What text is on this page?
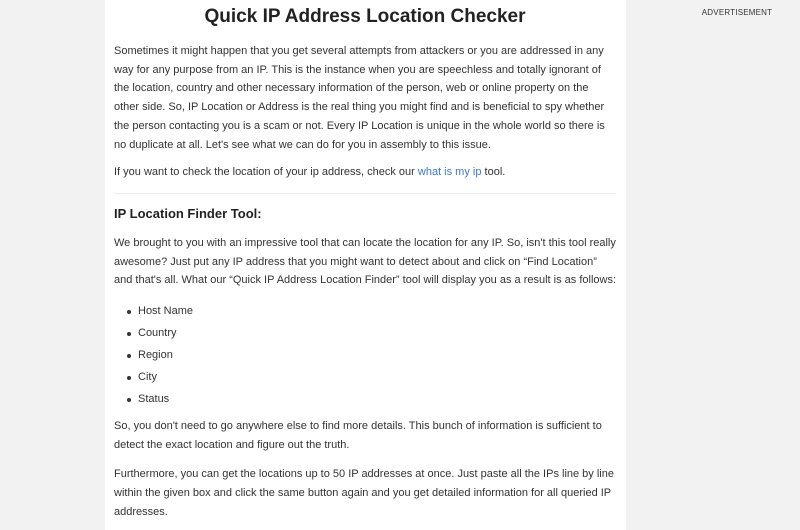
Quick IP Address Location Checker

Sometimes it might happen that you get several attempts from attackers or you are addressed in any way for any purpose from an IP. This is the instance when you are speechless and totally ignorant of the location, country and other necessary information of the person, web or online property on the other side. So, IP Location or Address is the real thing you might find and is beneficial to spy whether the person contacting you is a scam or not. Every IP Location is unique in the whole world so there is no duplicate at all. Let's see what we can do for you in assembly to this issue.

If you want to check the location of your ip address, check our what is my ip tool.

IP Location Finder Tool:

We brought to you with an impressive tool that can locate the location for any IP. So, isn't this tool really awesome? Just put any IP address that you might want to detect about and click on “Find Location” and that's all. What our “Quick IP Address Location Finder” tool will display you as a result is as follows:

Host Name
Country
Region
City
Status

So, you don't need to go anywhere else to find more details. This bunch of information is sufficient to detect the exact location and figure out the truth.

Furthermore, you can get the locations up to 50 IP addresses at once. Just paste all the IPs line by line within the given box and click the same button again and you get detailed information for all queried IP addresses.

ADVERTISEMENT
